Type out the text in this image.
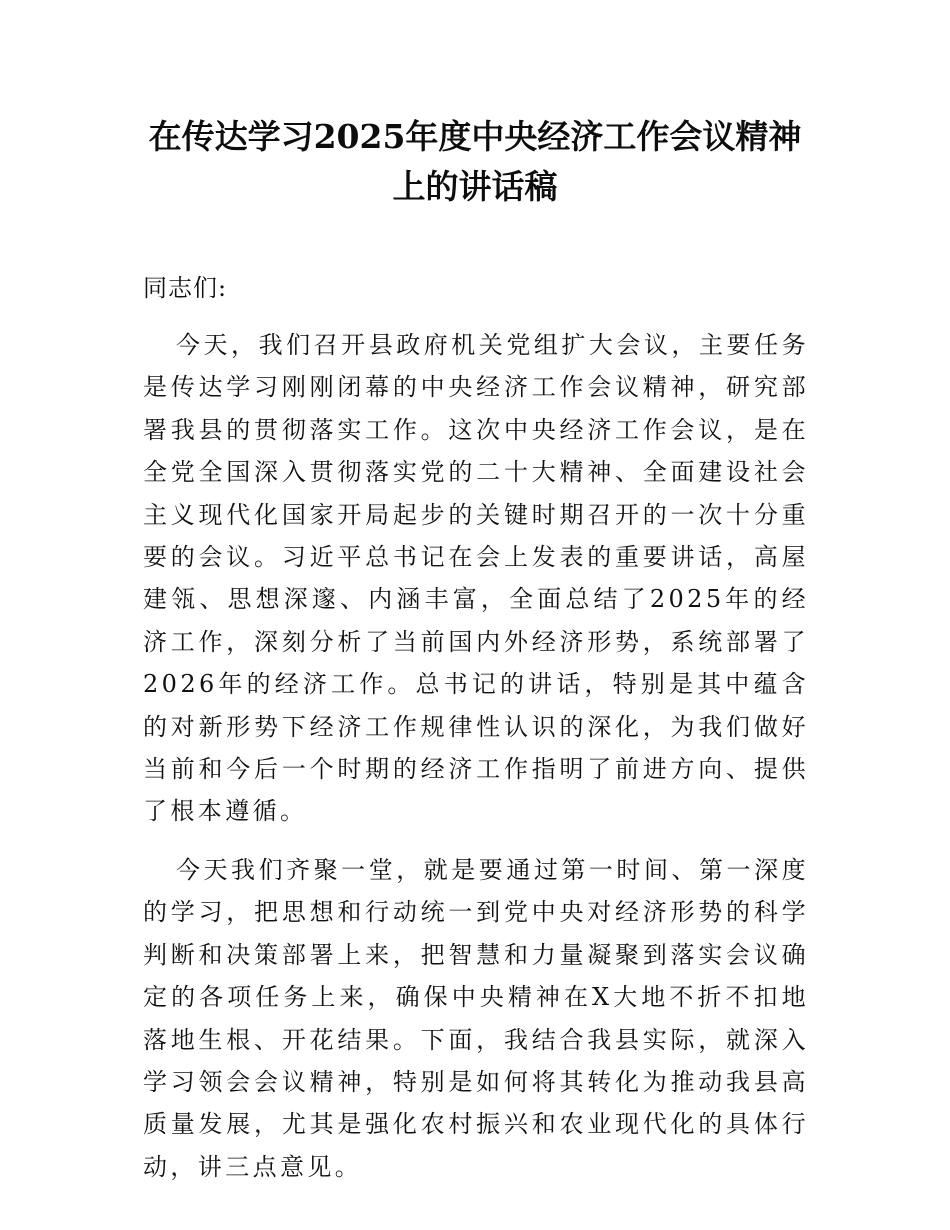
在传达学习2025年度中央经济工作会议精神
上的讲话稿

同志们:

今天，我们召开县政府机关党组扩大会议，主要任务是传达学习刚刚闭幕的中央经济工作会议精神，研究部署我县的贯彻落实工作。这次中央经济工作会议，是在全党全国深入贯彻落实党的二十大精神、全面建设社会主义现代化国家开局起步的关键时期召开的一次十分重要的会议。习近平总书记在会上发表的重要讲话，高屋建瓴、思想深邃、内涵丰富，全面总结了2025年的经济工作，深刻分析了当前国内外经济形势，系统部署了2026年的经济工作。总书记的讲话，特别是其中蕴含的对新形势下经济工作规律性认识的深化，为我们做好当前和今后一个时期的经济工作指明了前进方向、提供了根本遵循。

今天我们齐聚一堂，就是要通过第一时间、第一深度的学习，把思想和行动统一到党中央对经济形势的科学判断和决策部署上来，把智慧和力量凝聚到落实会议确定的各项任务上来，确保中央精神在X大地不折不扣地落地生根、开花结果。下面，我结合我县实际，就深入学习领会会议精神，特别是如何将其转化为推动我县高质量发展，尤其是强化农村振兴和农业现代化的具体行动，讲三点意见。
